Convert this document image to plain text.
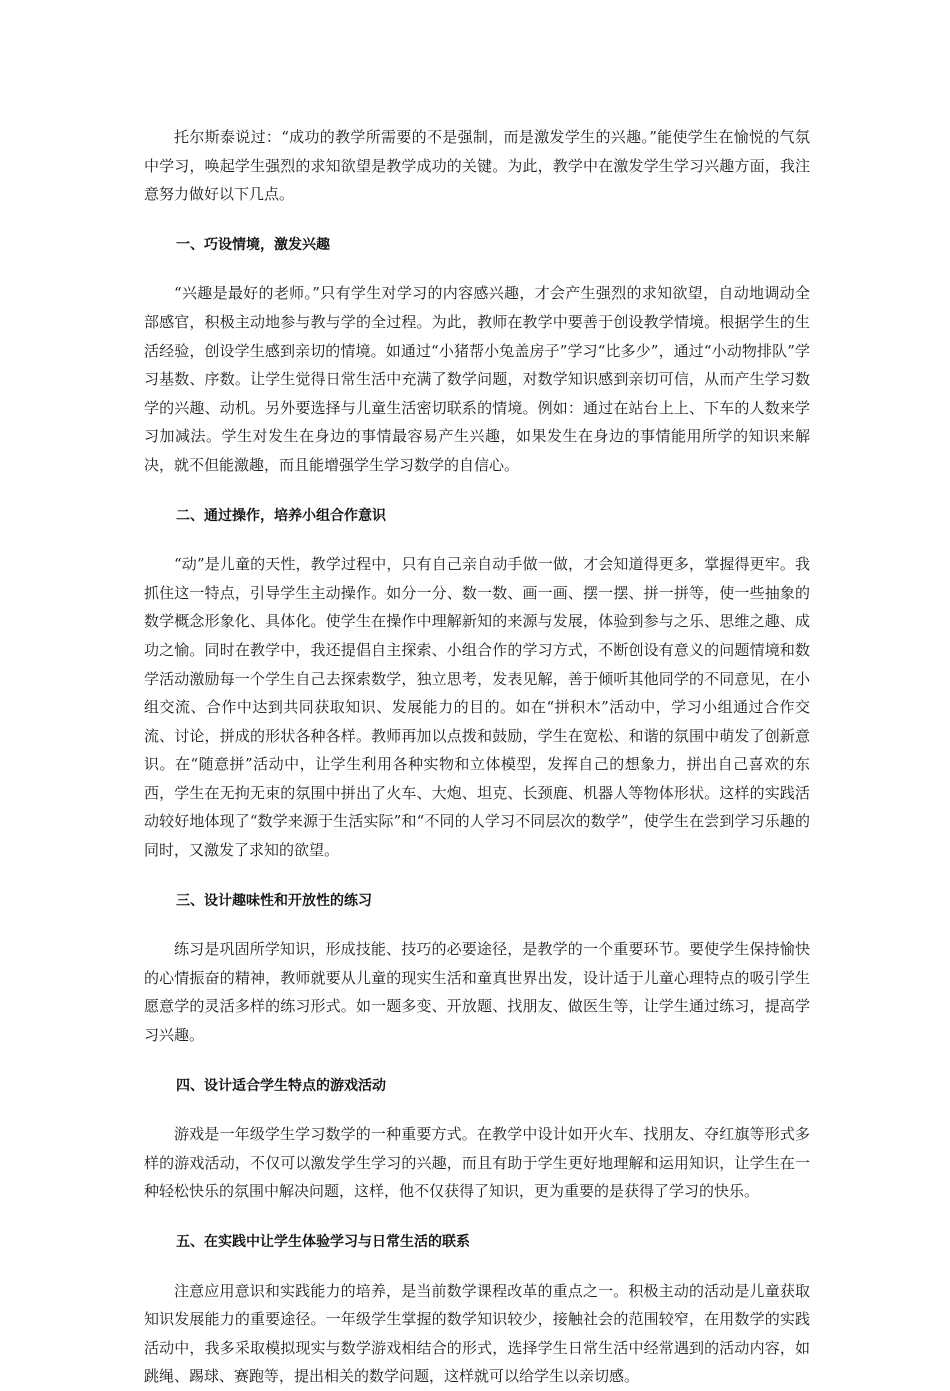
托尔斯泰说过：“成功的教学所需要的不是强制，而是激发学生的兴趣。”能使学生在愉悦的气氛中学习，唤起学生强烈的求知欲望是教学成功的关键。为此，教学中在激发学生学习兴趣方面，我注意努力做好以下几点。

一、巧设情境，激发兴趣

“兴趣是最好的老师。”只有学生对学习的内容感兴趣，才会产生强烈的求知欲望，自动地调动全部感官，积极主动地参与教与学的全过程。为此，教师在教学中要善于创设教学情境。根据学生的生活经验，创设学生感到亲切的情境。如通过“小猪帮小兔盖房子”学习“比多少”，通过“小动物排队”学习基数、序数。让学生觉得日常生活中充满了数学问题，对数学知识感到亲切可信，从而产生学习数学的兴趣、动机。另外要选择与儿童生活密切联系的情境。例如：通过在站台上上、下车的人数来学习加减法。学生对发生在身边的事情最容易产生兴趣，如果发生在身边的事情能用所学的知识来解决，就不但能激趣，而且能增强学生学习数学的自信心。

二、通过操作，培养小组合作意识

“动”是儿童的天性，教学过程中，只有自己亲自动手做一做，才会知道得更多，掌握得更牢。我抓住这一特点，引导学生主动操作。如分一分、数一数、画一画、摆一摆、拼一拼等，使一些抽象的数学概念形象化、具体化。使学生在操作中理解新知的来源与发展，体验到参与之乐、思维之趣、成功之愉。同时在教学中，我还提倡自主探索、小组合作的学习方式，不断创设有意义的问题情境和数学活动激励每一个学生自己去探索数学，独立思考，发表见解，善于倾听其他同学的不同意见，在小组交流、合作中达到共同获取知识、发展能力的目的。如在“拼积木”活动中，学习小组通过合作交流、讨论，拼成的形状各种各样。教师再加以点拨和鼓励，学生在宽松、和谐的氛围中萌发了创新意识。在“随意拼”活动中，让学生利用各种实物和立体模型，发挥自己的想象力，拼出自己喜欢的东西，学生在无拘无束的氛围中拼出了火车、大炮、坦克、长颈鹿、机器人等物体形状。这样的实践活动较好地体现了“数学来源于生活实际”和“不同的人学习不同层次的数学”，使学生在尝到学习乐趣的同时，又激发了求知的欲望。

三、设计趣味性和开放性的练习

练习是巩固所学知识，形成技能、技巧的必要途径，是教学的一个重要环节。要使学生保持愉快的心情振奋的精神，教师就要从儿童的现实生活和童真世界出发，设计适于儿童心理特点的吸引学生愿意学的灵活多样的练习形式。如一题多变、开放题、找朋友、做医生等，让学生通过练习，提高学习兴趣。

四、设计适合学生特点的游戏活动

游戏是一年级学生学习数学的一种重要方式。在教学中设计如开火车、找朋友、夺红旗等形式多样的游戏活动，不仅可以激发学生学习的兴趣，而且有助于学生更好地理解和运用知识，让学生在一种轻松快乐的氛围中解决问题，这样，他不仅获得了知识，更为重要的是获得了学习的快乐。

五、在实践中让学生体验学习与日常生活的联系

注意应用意识和实践能力的培养，是当前数学课程改革的重点之一。积极主动的活动是儿童获取知识发展能力的重要途径。一年级学生掌握的数学知识较少，接触社会的范围较窄，在用数学的实践活动中，我多采取模拟现实与数学游戏相结合的形式，选择学生日常生活中经常遇到的活动内容，如跳绳、踢球、赛跑等，提出相关的数学问题，这样就可以给学生以亲切感。
